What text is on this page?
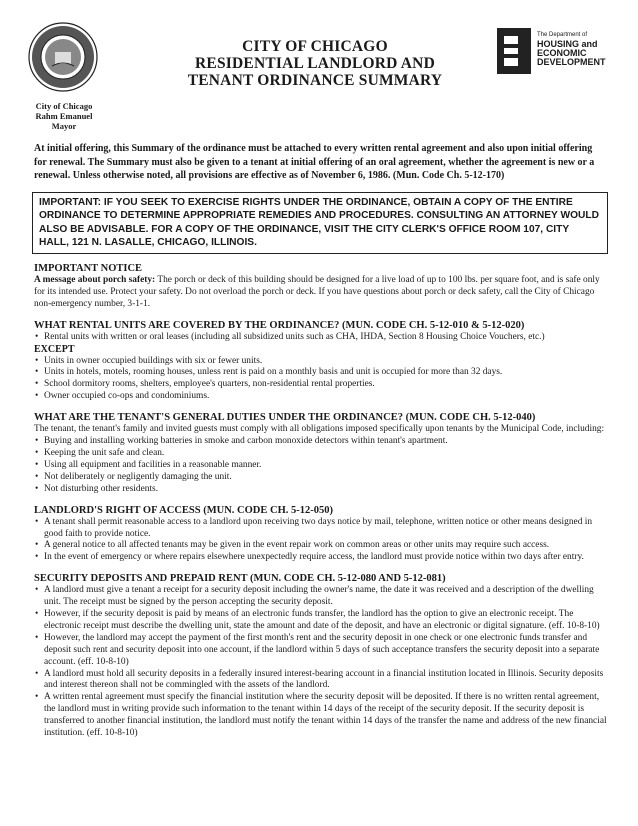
City of Chicago
Rahm Emanuel
Mayor
CITY OF CHICAGO
RESIDENTIAL LANDLORD AND
TENANT ORDINANCE SUMMARY
The Department of
HOUSING and
ECONOMIC
DEVELOPMENT
At initial offering, this Summary of the ordinance must be attached to every written rental agreement and also upon initial offering for renewal. The Summary must also be given to a tenant at initial offering of an oral agreement, whether the agreement is new or a renewal. Unless otherwise noted, all provisions are effective as of November 6, 1986. (Mun. Code Ch. 5-12-170)
IMPORTANT: IF YOU SEEK TO EXERCISE RIGHTS UNDER THE ORDINANCE, OBTAIN A COPY OF THE ENTIRE ORDINANCE TO DETERMINE APPROPRIATE REMEDIES AND PROCEDURES. CONSULTING AN ATTORNEY WOULD ALSO BE ADVISABLE. FOR A COPY OF THE ORDINANCE, VISIT THE CITY CLERK'S OFFICE ROOM 107, CITY HALL, 121 N. LASALLE, CHICAGO, ILLINOIS.
IMPORTANT NOTICE

A message about porch safety: The porch or deck of this building should be designed for a live load of up to 100 lbs. per square foot, and is safe only for its intended use. Protect your safety. Do not overload the porch or deck. If you have questions about porch or deck safety, call the City of Chicago non-emergency number, 3-1-1.

WHAT RENTAL UNITS ARE COVERED BY THE ORDINANCE? (MUN. CODE CH. 5-12-010 & 5-12-020)
• Rental units with written or oral leases (including all subsidized units such as CHA, IHDA, Section 8 Housing Choice Vouchers, etc.)
EXCEPT
• Units in owner occupied buildings with six or fewer units.
• Units in hotels, motels, rooming houses, unless rent is paid on a monthly basis and unit is occupied for more than 32 days.
• School dormitory rooms, shelters, employee's quarters, non-residential rental properties.
• Owner occupied co-ops and condominiums.
WHAT ARE THE TENANT'S GENERAL DUTIES UNDER THE ORDINANCE? (MUN. CODE CH. 5-12-040)

The tenant, the tenant's family and invited guests must comply with all obligations imposed specifically upon tenants by the Municipal Code, including:

• Buying and installing working batteries in smoke and carbon monoxide detectors within tenant's apartment.
• Keeping the unit safe and clean.
• Using all equipment and facilities in a reasonable manner.
• Not deliberately or negligently damaging the unit.
• Not disturbing other residents.
LANDLORD'S RIGHT OF ACCESS (MUN. CODE CH. 5-12-050)
• A tenant shall permit reasonable access to a landlord upon receiving two days notice by mail, telephone, written notice or other means designed in good faith to provide notice.
• A general notice to all affected tenants may be given in the event repair work on common areas or other units may require such access.
• In the event of emergency or where repairs elsewhere unexpectedly require access, the landlord must provide notice within two days after entry.
SECURITY DEPOSITS AND PREPAID RENT (MUN. CODE CH. 5-12-080 AND 5-12-081)
• A landlord must give a tenant a receipt for a security deposit including the owner's name, the date it was received and a description of the dwelling unit. The receipt must be signed by the person accepting the security deposit.
• However, if the security deposit is paid by means of an electronic funds transfer, the landlord has the option to give an electronic receipt. The electronic receipt must describe the dwelling unit, state the amount and date of the deposit, and have an electronic or digital signature. (eff. 10-8-10)
• However, the landlord may accept the payment of the first month's rent and the security deposit in one check or one electronic funds transfer and deposit such rent and security deposit into one account, if the landlord within 5 days of such acceptance transfers the security deposit into a separate account. (eff. 10-8-10)
• A landlord must hold all security deposits in a federally insured interest-bearing account in a financial institution located in Illinois. Security deposits and interest thereon shall not be commingled with the assets of the landlord.
• A written rental agreement must specify the financial institution where the security deposit will be deposited. If there is no written rental agreement, the landlord must in writing provide such information to the tenant within 14 days of the receipt of the security deposit. If the security deposit is transferred to another financial institution, the landlord must notify the tenant within 14 days of the transfer the name and address of the new financial institution. (eff. 10-8-10)
